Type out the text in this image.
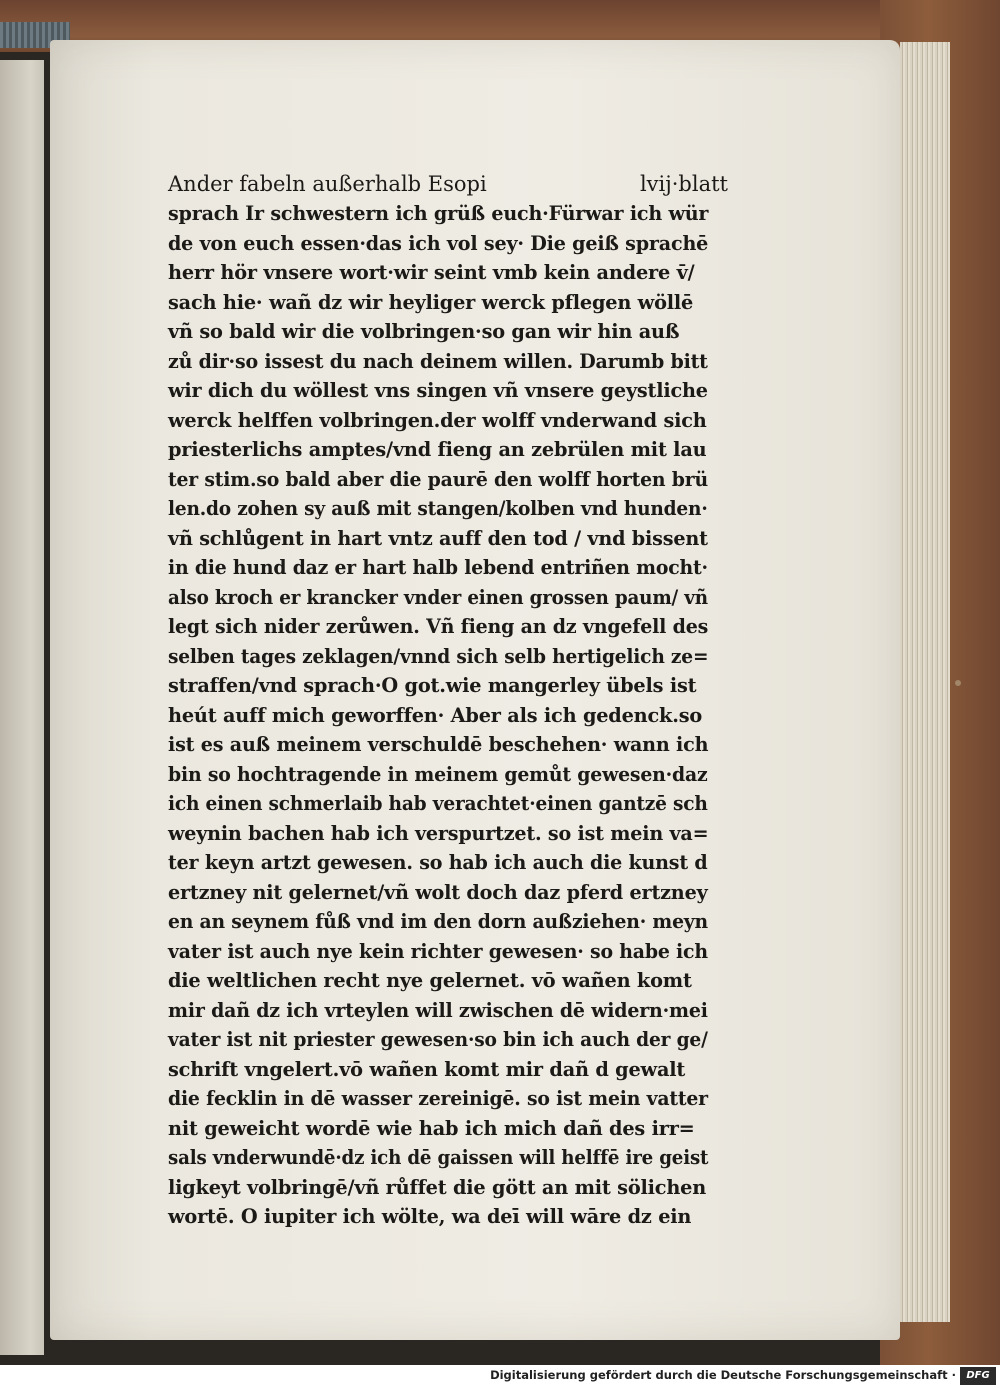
Ander fabeln außerhalb Esopi	lvij·blatt
sprach Ir schwestern ich grüß euch·Fürwar ich wür
de von euch essen·das ich vol sey· Die geiß sprachē
herr hör vnsere wort·wir seint vmb kein andere v̄/
sach hie· wañ dz wir heyliger werck pflegen wöllē
vñ so bald wir die volbringen·so gan wir hin auß
zů dir·so issest du nach deinem willen. Darumb bitt
wir dich du wöllest vns singen vñ vnsere geystliche
werck helffen volbringen.der wolff vnderwand sich
priesterlichs amptes/vnd fieng an zebrülen mit lau
ter stim.so bald aber die paurē den wolff horten brü
len.do zohen sy auß mit stangen/kolben vnd hunden·
vñ schlůgent in hart vntz auff den tod / vnd bissent
in die hund daz er hart halb lebend entriñen mocht·
also kroch er krancker vnder einen grossen paum/ vñ
legt sich nider zerůwen. Vñ fieng an dz vngefell des
selben tages zeklagen/vnnd sich selb hertigelich ze=
straffen/vnd sprach·O got.wie mangerley übels ist
heút auff mich geworffen· Aber als ich gedenck.so
ist es auß meinem verschuldē beschehen· wann ich
bin so hochtragende in meinem gemůt gewesen·daz
ich einen schmerlaib hab verachtet·einen gantzē sch
weynin bachen hab ich verspurtzet. so ist mein va=
ter keyn artzt gewesen. so hab ich auch die kunst d
ertzney nit gelernet/vñ wolt doch daz pferd ertzney
en an seynem fůß vnd im den dorn außziehen· meyn
vater ist auch nye kein richter gewesen· so habe ich
die weltlichen recht nye gelernet. vō wañen komt
mir dañ dz ich vrteylen will zwischen dē widern·mei
vater ist nit priester gewesen·so bin ich auch der ge/
schrift vngelert.vō wañen komt mir dañ d gewalt
die fecklin in dē wasser zereinigē. so ist mein vatter
nit geweicht wordē wie hab ich mich dañ des irr=
sals vnderwundē·dz ich dē gaissen will helffē ire geist
ligkeyt volbringē/vñ růffet die gött an mit sölichen
wortē. O iupiter ich wölte, wa deī will wāre dz ein
Digitalisierung gefördert durch die Deutsche Forschungsgemeinschaft ·	DFG
